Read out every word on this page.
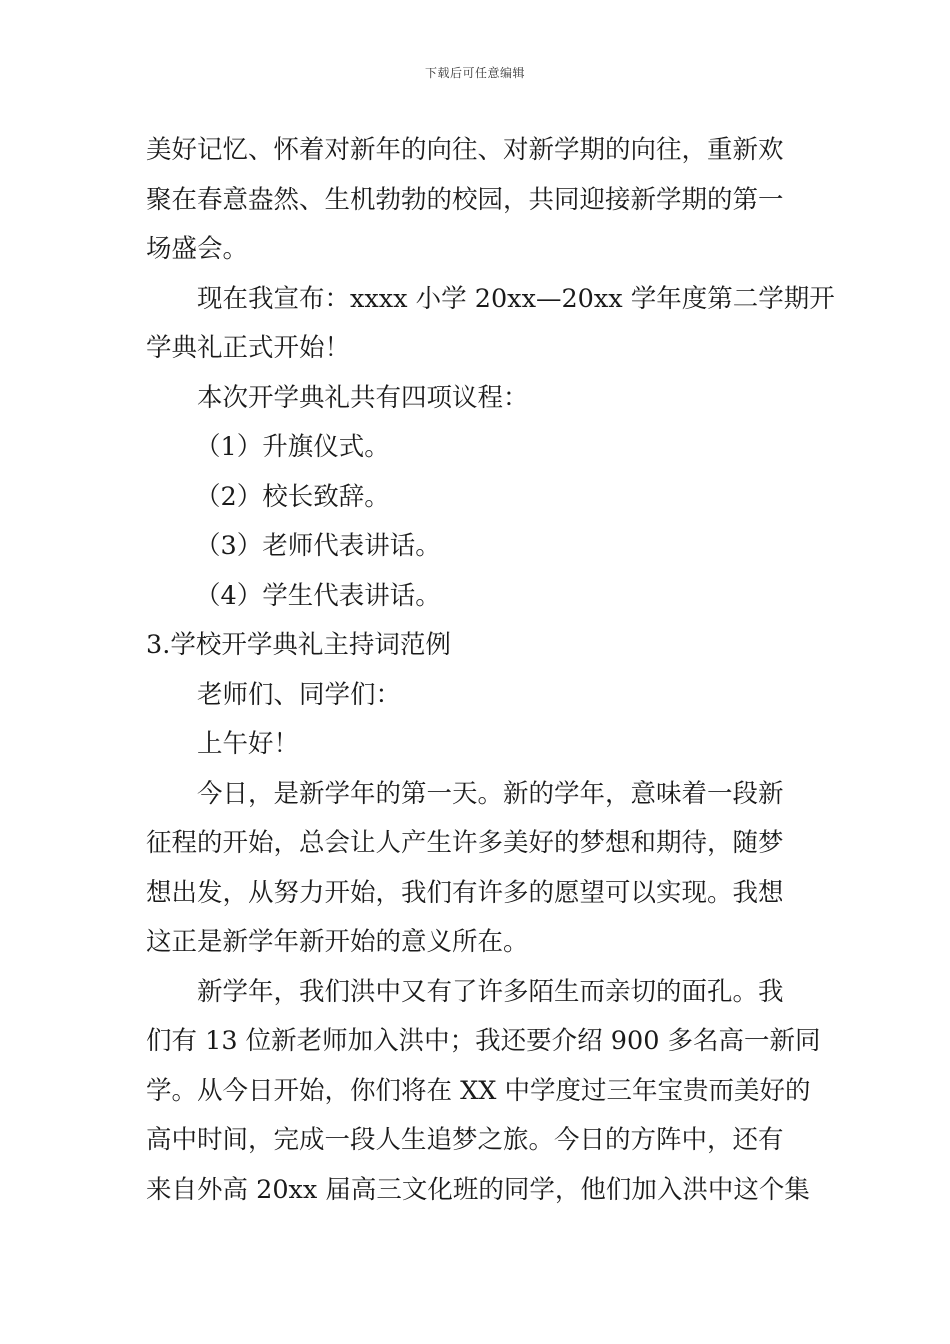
下载后可任意编辑

美好记忆、怀着对新年的向往、对新学期的向往，重新欢

聚在春意盎然、生机勃勃的校园，共同迎接新学期的第一

场盛会。

现在我宣布：xxxx 小学 20xx—20xx 学年度第二学期开

学典礼正式开始！

本次开学典礼共有四项议程：

（1）升旗仪式。

（2）校长致辞。

（3）老师代表讲话。

（4）学生代表讲话。

3.学校开学典礼主持词范例

老师们、同学们：

上午好！

今日，是新学年的第一天。新的学年，意味着一段新

征程的开始，总会让人产生许多美好的梦想和期待，随梦

想出发，从努力开始，我们有许多的愿望可以实现。我想

这正是新学年新开始的意义所在。

新学年，我们洪中又有了许多陌生而亲切的面孔。我

们有 13 位新老师加入洪中；我还要介绍 900 多名高一新同

学。从今日开始，你们将在 XX 中学度过三年宝贵而美好的

高中时间，完成一段人生追梦之旅。今日的方阵中，还有

来自外高 20xx 届高三文化班的同学，他们加入洪中这个集
